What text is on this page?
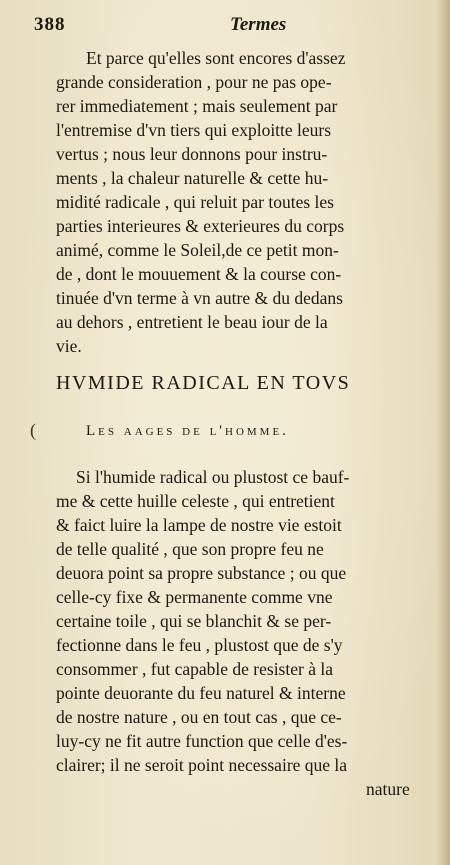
388	Termes
Et parce qu'elles sont encores d'assez
grande consideration , pour ne pas ope-
rer immediatement ; mais seulement par
l'entremise d'vn tiers qui exploitte leurs
vertus ; nous leur donnons pour instru-
ments , la chaleur naturelle & cette hu-
midité radicale , qui reluit par toutes les
parties interieures & exterieures du corps
animé, comme le Soleil,de ce petit mon-
de , dont le mouuement & la course con-
tinuée d'vn terme à vn autre & du dedans
au dehors , entretient le beau iour de la
vie.
HVMIDE RADICAL EN TOVS
(	Les aages de l'homme.
Si l'humide radical ou plustost ce bauf-
me & cette huille celeste , qui entretient
& faict luire la lampe de nostre vie estoit
de telle qualité , que son propre feu ne
deuora point sa propre substance ; ou que
celle-cy fixe & permanente comme vne
certaine toile , qui se blanchit & se per-
fectionne dans le feu , plustost que de s'y
consommer , fut capable de resister à la
pointe deuorante du feu naturel & interne
de nostre nature , ou en tout cas , que ce-
luy-cy ne fit autre function que celle d'es-
clairer; il ne seroit point necessaire que la
nature
